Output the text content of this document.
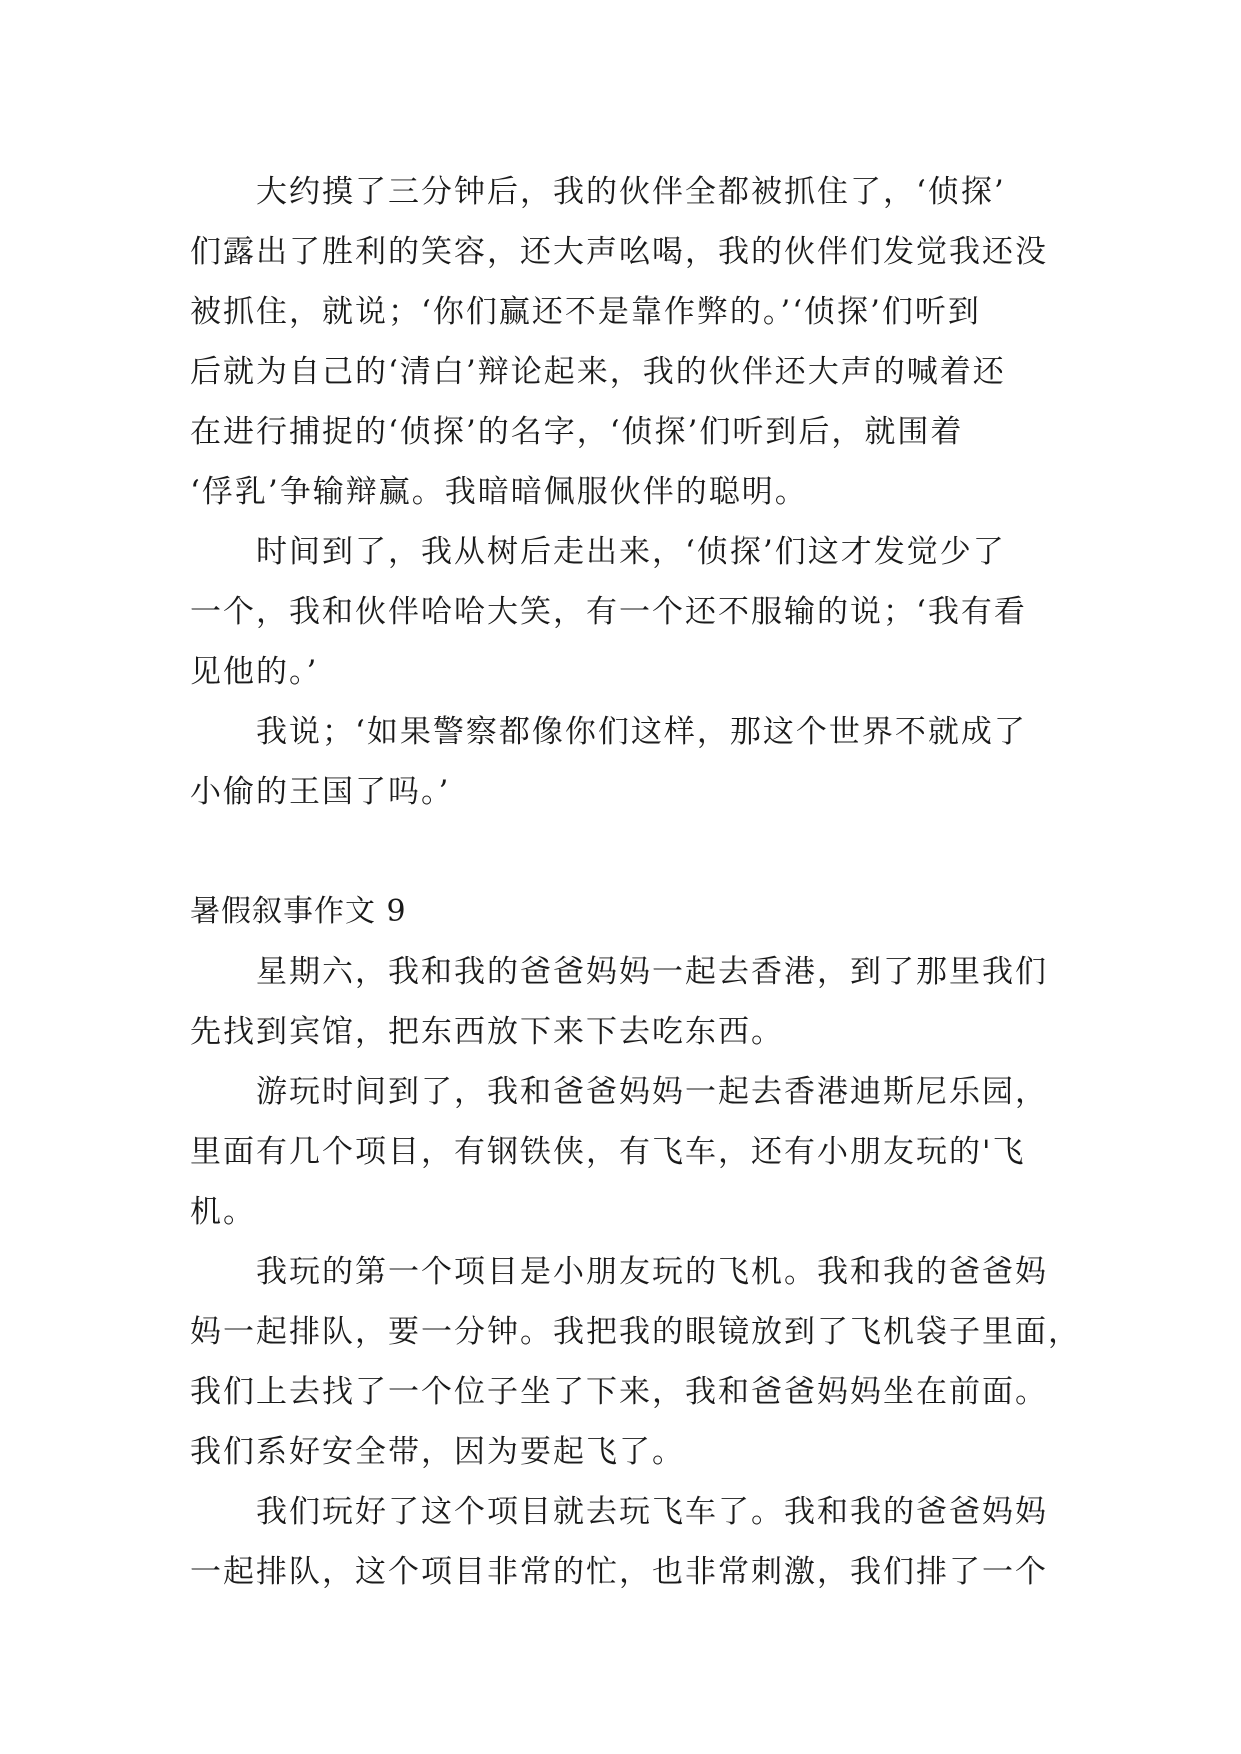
大约摸了三分钟后，我的伙伴全都被抓住了，‘侦探’

们露出了胜利的笑容，还大声吆喝，我的伙伴们发觉我还没

被抓住，就说；‘你们赢还不是靠作弊的。’‘侦探’们听到

后就为自己的‘清白’辩论起来，我的伙伴还大声的喊着还

在进行捕捉的‘侦探’的名字，‘侦探’们听到后，就围着

‘俘乳’争输辩赢。我暗暗佩服伙伴的聪明。

时间到了，我从树后走出来，‘侦探’们这才发觉少了

一个，我和伙伴哈哈大笑，有一个还不服输的说；‘我有看

见他的。’

我说；‘如果警察都像你们这样，那这个世界不就成了

小偷的王国了吗。’

暑假叙事作文 9

星期六，我和我的爸爸妈妈一起去香港，到了那里我们

先找到宾馆，把东西放下来下去吃东西。

游玩时间到了，我和爸爸妈妈一起去香港迪斯尼乐园，

里面有几个项目，有钢铁侠，有飞车，还有小朋友玩的'飞

机。

我玩的第一个项目是小朋友玩的飞机。我和我的爸爸妈

妈一起排队，要一分钟。我把我的眼镜放到了飞机袋子里面，

我们上去找了一个位子坐了下来，我和爸爸妈妈坐在前面。

我们系好安全带，因为要起飞了。

我们玩好了这个项目就去玩飞车了。我和我的爸爸妈妈

一起排队，这个项目非常的忙，也非常刺激，我们排了一个
